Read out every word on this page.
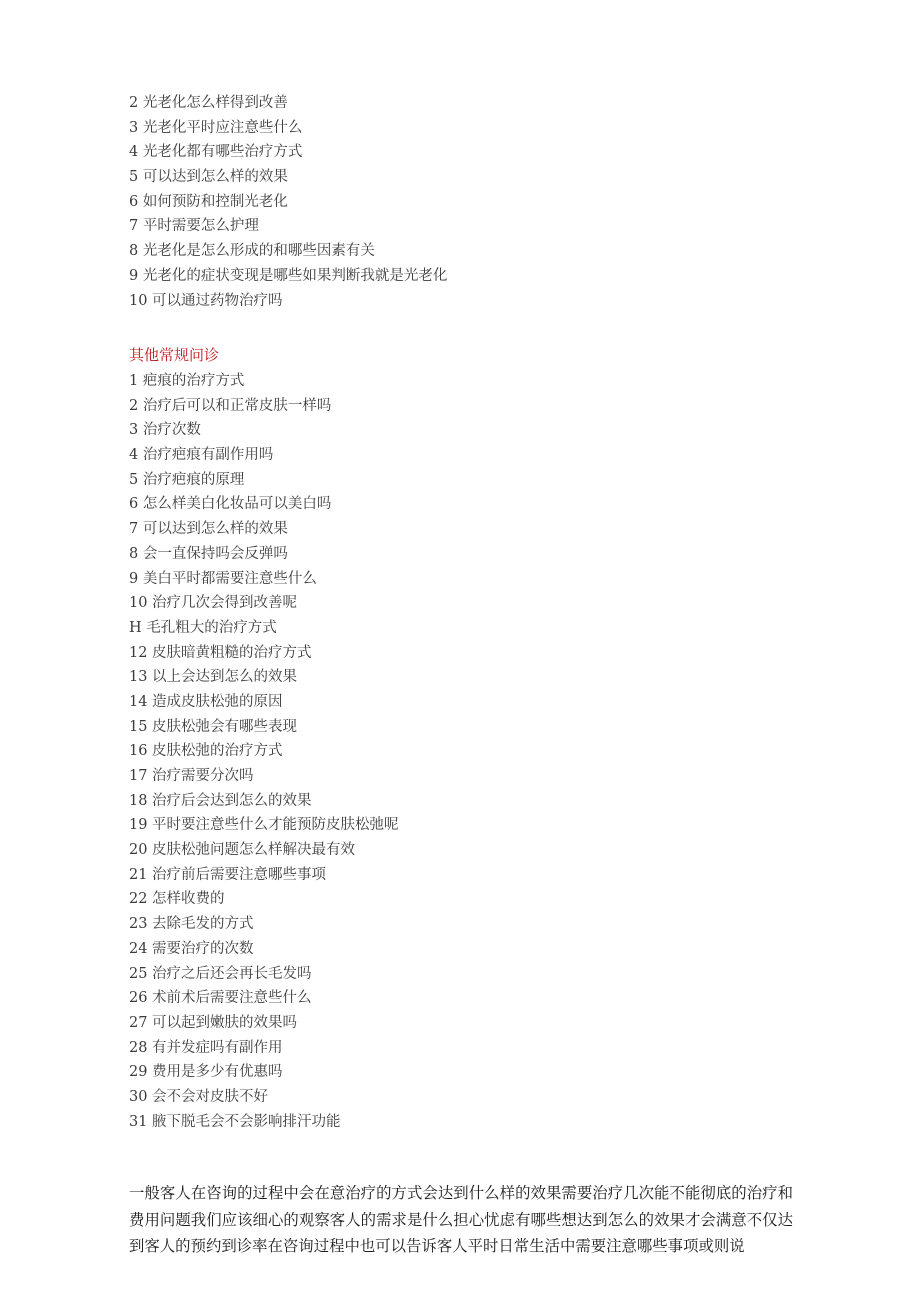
2 光老化怎么样得到改善
3 光老化平时应注意些什么
4 光老化都有哪些治疗方式
5 可以达到怎么样的效果
6 如何预防和控制光老化
7 平时需要怎么护理
8 光老化是怎么形成的和哪些因素有关
9 光老化的症状变现是哪些如果判断我就是光老化
10 可以通过药物治疗吗
其他常规问诊
1 疤痕的治疗方式
2 治疗后可以和正常皮肤一样吗
3 治疗次数
4 治疗疤痕有副作用吗
5 治疗疤痕的原理
6 怎么样美白化妆品可以美白吗
7 可以达到怎么样的效果
8 会一直保持吗会反弹吗
9 美白平时都需要注意些什么
10 治疗几次会得到改善呢
H 毛孔粗大的治疗方式
12 皮肤暗黄粗糙的治疗方式
13 以上会达到怎么的效果
14 造成皮肤松弛的原因
15 皮肤松弛会有哪些表现
16 皮肤松弛的治疗方式
17 治疗需要分次吗
18 治疗后会达到怎么的效果
19 平时要注意些什么才能预防皮肤松弛呢
20 皮肤松弛问题怎么样解决最有效
21 治疗前后需要注意哪些事项
22 怎样收费的
23 去除毛发的方式
24 需要治疗的次数
25 治疗之后还会再长毛发吗
26 术前术后需要注意些什么
27 可以起到嫩肤的效果吗
28 有并发症吗有副作用
29 费用是多少有优惠吗
30 会不会对皮肤不好
31 腋下脱毛会不会影响排汗功能

一般客人在咨询的过程中会在意治疗的方式会达到什么样的效果需要治疗几次能不能彻底的治疗和费用问题我们应该细心的观察客人的需求是什么担心忧虑有哪些想达到怎么的效果才会满意不仅达到客人的预约到诊率在咨询过程中也可以告诉客人平时日常生活中需要注意哪些事项或则说
